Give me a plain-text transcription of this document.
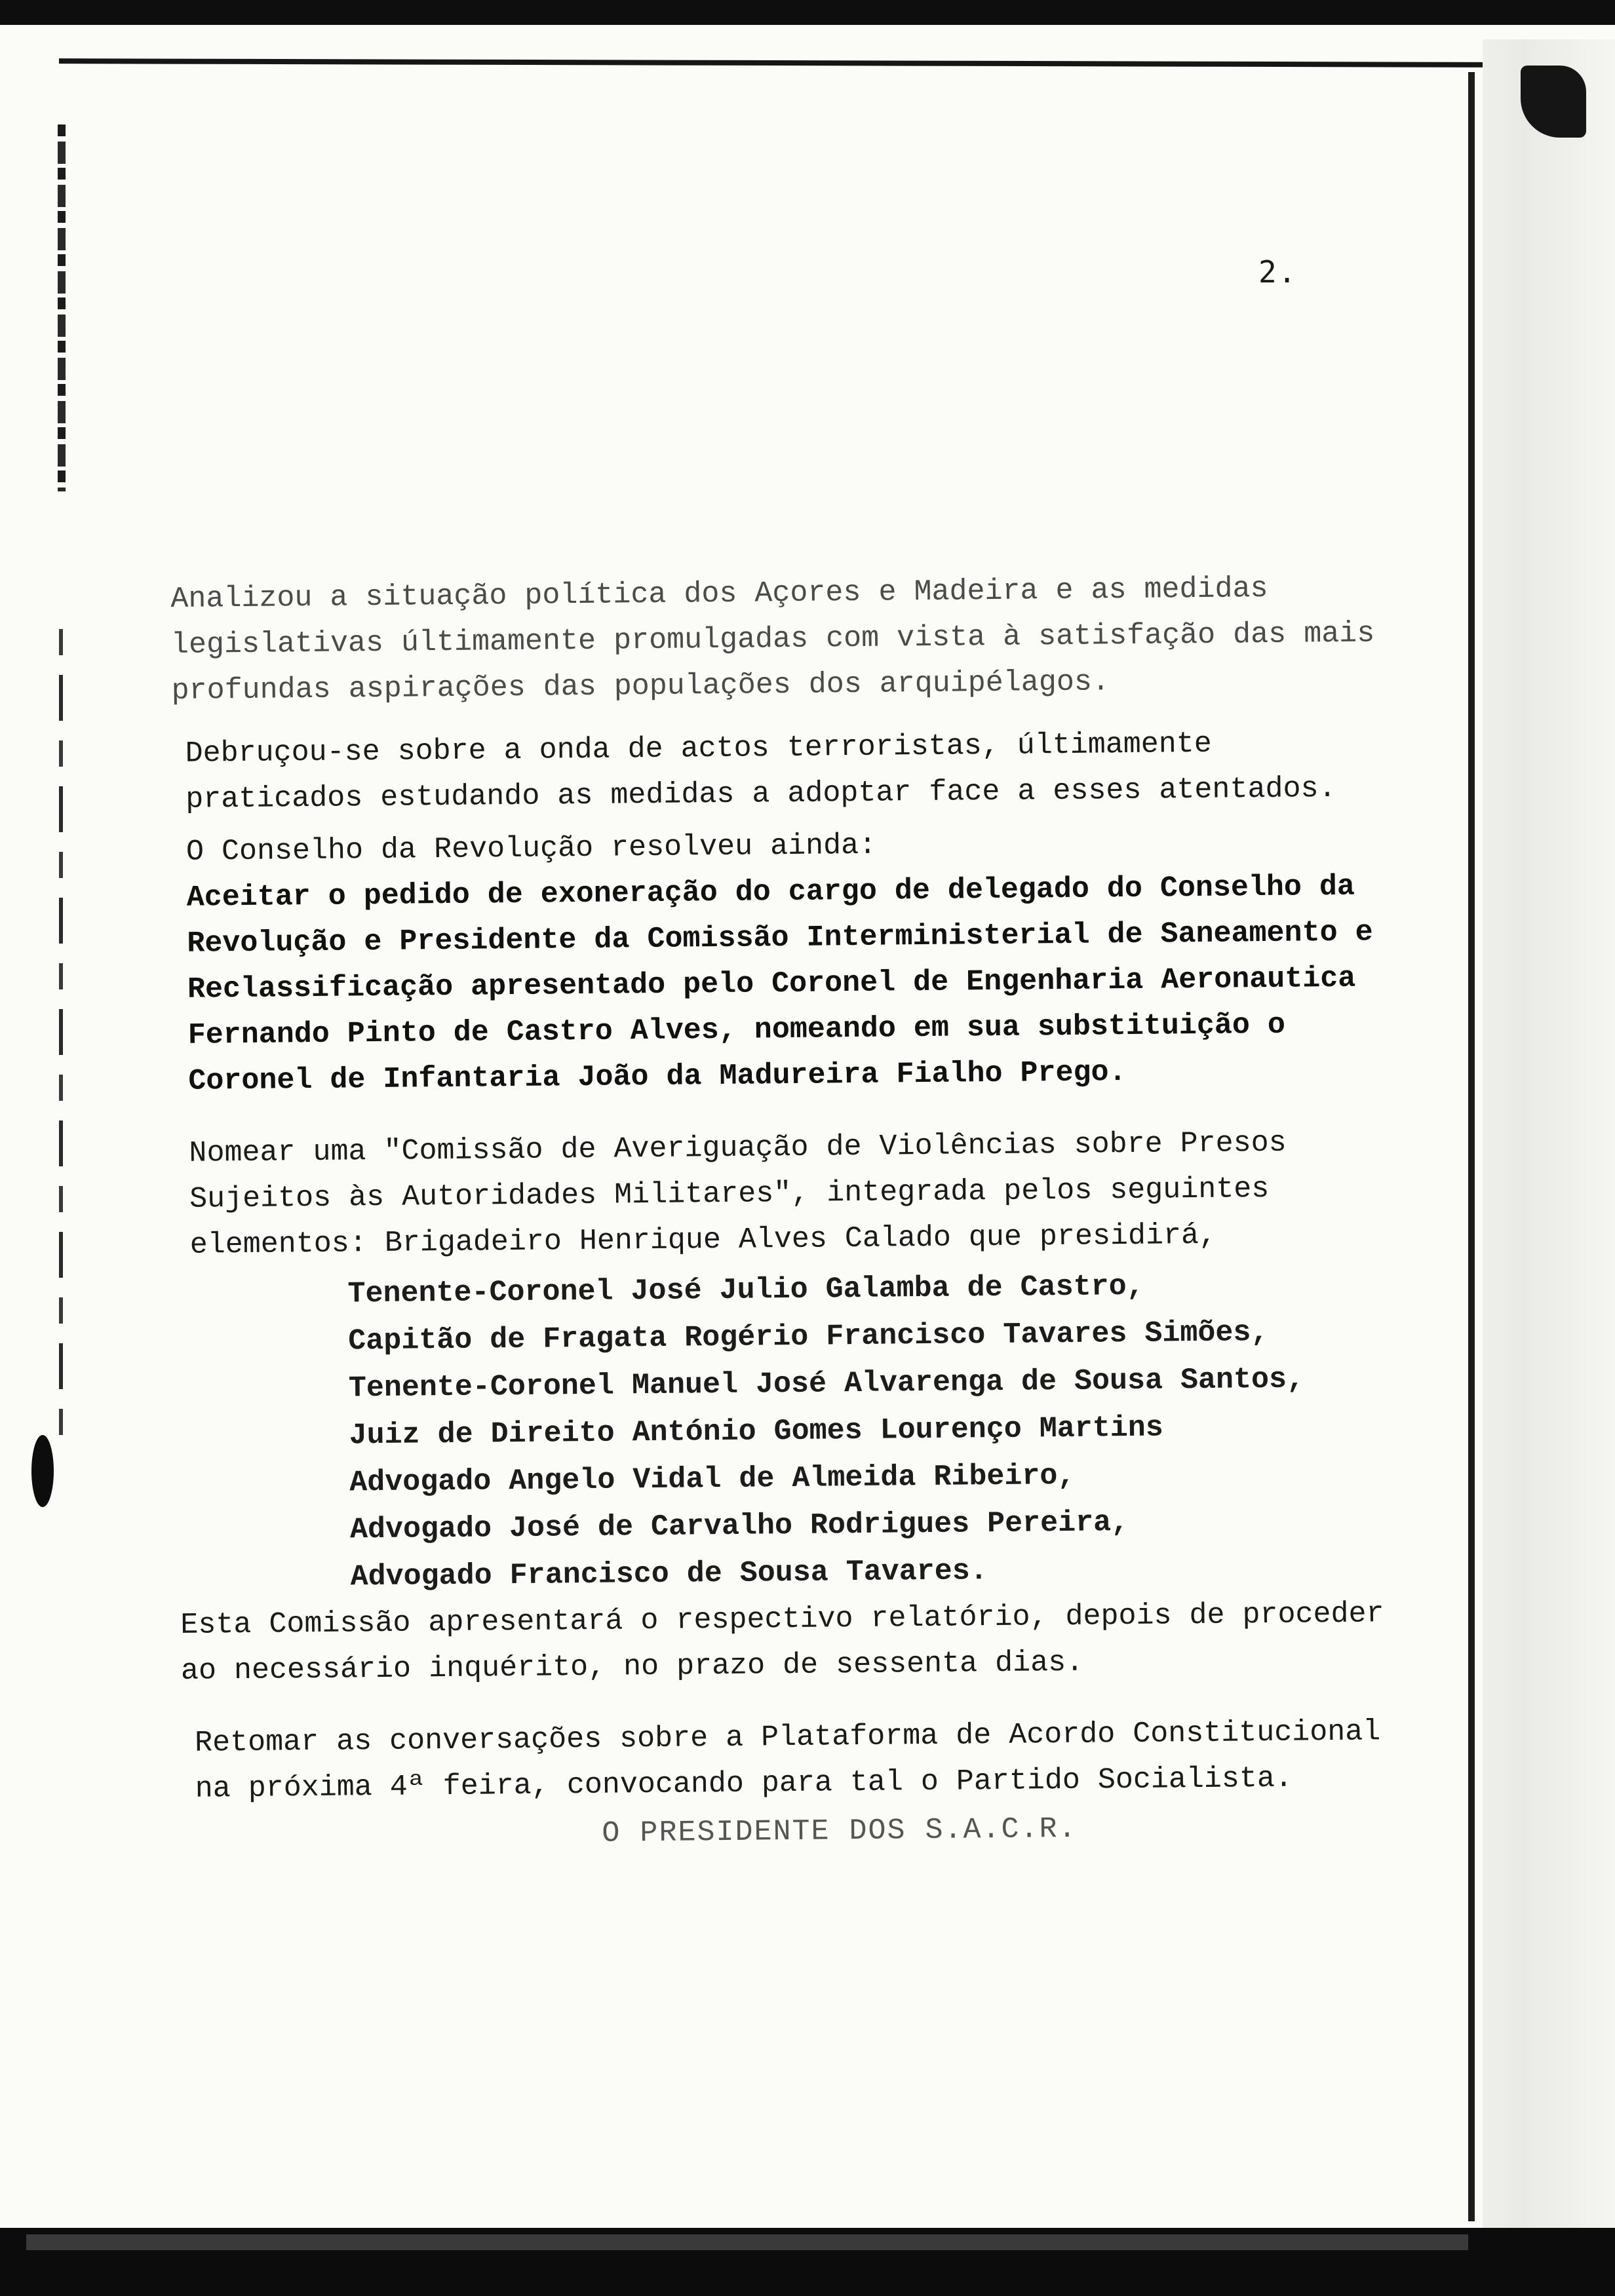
2.

Analizou a situação política dos Açores e Madeira e as medidas legislativas últimamente promulgadas com vista à satisfação das mais profundas aspirações das populações dos arquipélagos.

Debruçou-se sobre a onda de actos terroristas, últimamente praticados estudando as medidas a adoptar face a esses atentados.

O Conselho da Revolução resolveu ainda:

Aceitar o pedido de exoneração do cargo de delegado do Conselho da Revolução e Presidente da Comissão Interministerial de Saneamento e Reclassificação apresentado pelo Coronel de Engenharia Aeronautica Fernando Pinto de Castro Alves, nomeando em sua substituição o Coronel de Infantaria João da Madureira Fialho Prego.

Nomear uma "Comissão de Averiguação de Violências sobre Presos Sujeitos às Autoridades Militares", integrada pelos seguintes elementos: Brigadeiro Henrique Alves Calado que presidirá,

Tenente-Coronel José Julio Galamba de Castro,
Capitão de Fragata Rogério Francisco Tavares Simões,
Tenente-Coronel Manuel José Alvarenga de Sousa Santos,
Juiz de Direito António Gomes Lourenço Martins
Advogado Angelo Vidal de Almeida Ribeiro,
Advogado José de Carvalho Rodrigues Pereira,
Advogado Francisco de Sousa Tavares.

Esta Comissão apresentará o respectivo relatório, depois de proceder ao necessário inquérito, no prazo de sessenta dias.

Retomar as conversações sobre a Plataforma de Acordo Constitucional na próxima 4ª feira, convocando para tal o Partido Socialista.

O PRESIDENTE DOS S.A.C.R.
